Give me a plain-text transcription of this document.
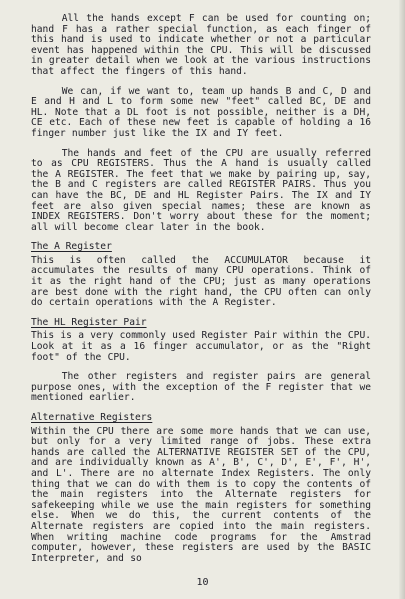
All the hands except F can be used for counting on; hand F has a rather special function, as each finger of this hand is used to indicate whether or not a particular event has happened within the CPU. This will be discussed in greater detail when we look at the various instructions that affect the fingers of this hand.

We can, if we want to, team up hands B and C, D and E and H and L to form some new "feet" called BC, DE and HL. Note that a DL foot is not possible, neither is a DH, CE etc. Each of these new feet is capable of holding a 16 finger number just like the IX and IY feet.

The hands and feet of the CPU are usually referred to as CPU REGISTERS. Thus the A hand is usually called the A REGISTER. The feet that we make by pairing up, say, the B and C registers are called REGISTER PAIRS. Thus you can have the BC, DE and HL Register Pairs. The IX and IY feet are also given special names; these are known as INDEX REGISTERS. Don't worry about these for the moment; all will become clear later in the book.

The A Register

This is often called the ACCUMULATOR because it accumulates the results of many CPU operations. Think of it as the right hand of the CPU; just as many operations are best done with the right hand, the CPU often can only do certain operations with the A Register.

The HL Register Pair

This is a very commonly used Register Pair within the CPU. Look at it as a 16 finger accumulator, or as the "Right foot" of the CPU.

The other registers and register pairs are general purpose ones, with the exception of the F register that we mentioned earlier.

Alternative Registers

Within the CPU there are some more hands that we can use, but only for a very limited range of jobs. These extra hands are called the ALTERNATIVE REGISTER SET of the CPU, and are individually known as A', B', C', D', E', F', H', and L'. There are no alternate Index Registers. The only thing that we can do with them is to copy the contents of the main registers into the Alternate registers for safekeeping while we use the main registers for something else. When we do this, the current contents of the Alternate registers are copied into the main registers. When writing machine code programs for the Amstrad computer, however, these registers are used by the BASIC Interpreter, and so

10
